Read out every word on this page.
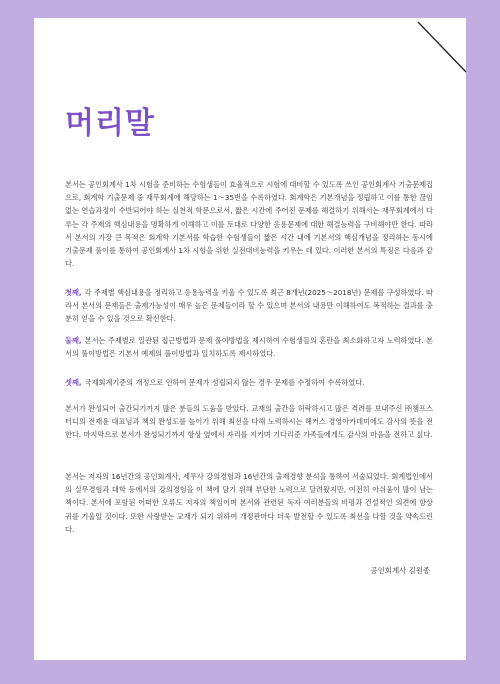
머리말

본서는 공인회계사 1차 시험을 준비하는 수험생들이 효율적으로 시험에 대비할 수 있도록 쓰인 공인회계사 기출문제집으로, 회계학 기출문제 중 재무회계에 해당하는 1～35번을 수록하였다. 회계학은 기본개념을 정립하고 이를 통한 끊임없는 연습과정이 수반되어야 하는 실천적 학문으로서, 짧은 시간에 주어진 문제를 해결하기 위해서는 재무회계에서 다루는 각 주제의 핵심내용을 명확하게 이해하고 이를 토대로 다양한 응용문제에 대한 해결능력을 구비해야만 한다. 따라서 본서의 가장 큰 목적은 회계학 기본서를 학습한 수험생들이 짧은 시간 내에 기본서의 핵심개념을 정리하는 동시에 기출문제 풀이를 통하여 공인회계사 1차 시험을 위한 실전대비능력을 키우는 데 있다. 이러한 본서의 특징은 다음과 같다.

첫째, 각 주제별 핵심내용을 정리하고 응용능력을 키울 수 있도록 최근 8개년(2025～2018년) 문제를 구성하였다. 따라서 본서의 문제들은 출제가능성이 매우 높은 문제들이라 할 수 있으며 본서의 내용만 이해하여도 복적하는 결과를 충분히 얻을 수 있을 것으로 확신한다.

둘째, 본서는 주제별로 일관된 접근방법과 문제 풀이방법을 제시하여 수험생들의 혼란을 최소화하고자 노력하였다. 본서의 풀이방법은 기본서 예제의 풀이방법과 일치하도록 제시하였다.

셋째, 국제회계기준의 개정으로 인하여 문제가 성립되지 않는 경우 문제를 수정하여 수록하였다.

본서가 완성되어 출간되기까지 많은 분들의 도움을 받았다. 교재의 출간을 허락하시고 많은 격려를 보내주신 ㈜챔프스터디의 전재윤 대표님과 책의 완성도를 높이기 위해 최선을 다해 노력하시는 해커스 경영아카데미에도 감사의 뜻을 전한다. 마지막으로 본서가 완성되기까지 항상 옆에서 자리를 지키며 기다리준 가족들에게도 감사의 마음을 전하고 싶다.

본서는 저자의 16년간의 공인회계사, 세무사 강의경험과 16년간의 출제경향 분석을 통하여 서술되었다. 회계법인에서의 실무경험과 대학 등에서의 강의경험을 이 책에 담기 위해 부단한 노력으로 달려왔지만, 여전히 아쉬움이 많이 남는 책이다. 본서에 포함된 어떠한 오류도 저자의 책임이며 본서와 관련된 독자 여러분들의 비평과 건설적인 의견에 항상 귀를 기울일 것이다. 또한 사랑받는 교재가 되기 위하여 개정판마다 더욱 발전할 수 있도록 최선을 다할 것을 약속드린다.

공인회계사 김원종
